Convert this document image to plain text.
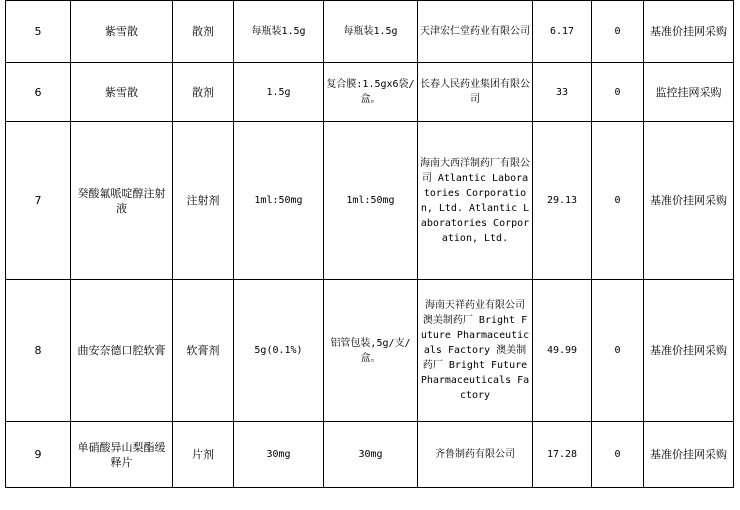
5	紫雪散	散剂	每瓶装1.5g	每瓶装1.5g	天津宏仁堂药业有限公司	6.17	0	基准价挂网采购
6	紫雪散	散剂	1.5g	复合膜:1.5gx6袋/盒。	长春人民药业集团有限公司	33	0	监控挂网采购
7	癸酸氟哌啶醇注射液	注射剂	1ml:50mg	1ml:50mg	海南大西洋制药厂有限公司 Atlantic Laboratories Corporation, Ltd. Atlantic Laboratories Corporation, Ltd.	29.13	0	基准价挂网采购
8	曲安奈德口腔软膏	软膏剂	5g(0.1%)	铝管包装,5g/支/盒。	海南天祥药业有限公司 澳美制药厂 Bright Future Pharmaceuticals Factory 澳美制药厂 Bright Future Pharmaceuticals Factory	49.99	0	基准价挂网采购
9	单硝酸异山梨酯缓释片	片剂	30mg	30mg	齐鲁制药有限公司	17.28	0	基准价挂网采购
